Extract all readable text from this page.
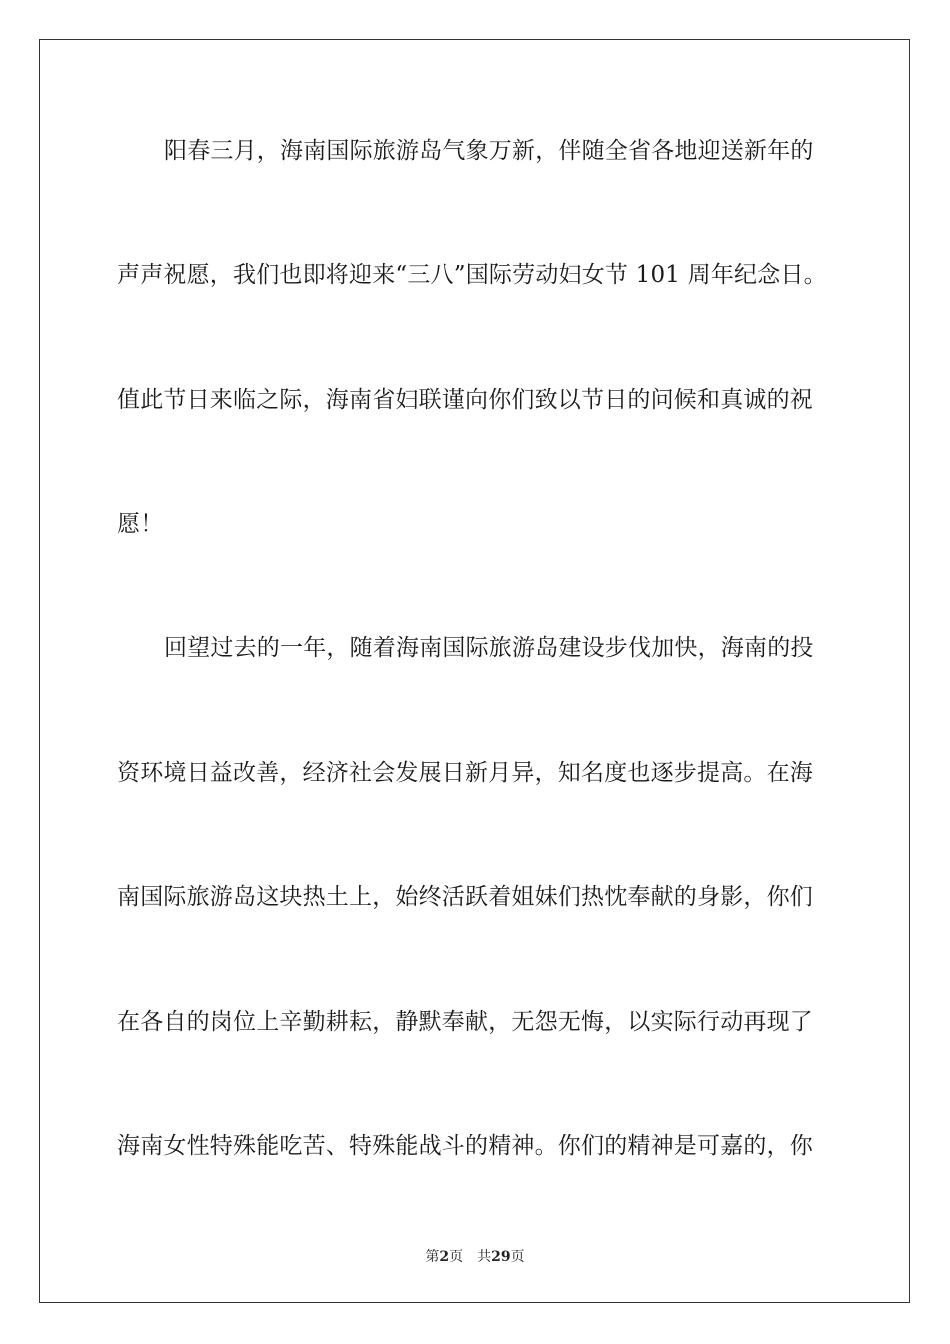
阳春三月，海南国际旅游岛气象万新，伴随全省各地迎送新年的
声声祝愿，我们也即将迎来“三八”国际劳动妇女节 101 周年纪念日。
值此节日来临之际，海南省妇联谨向你们致以节日的问候和真诚的祝
愿！
回望过去的一年，随着海南国际旅游岛建设步伐加快，海南的投
资环境日益改善，经济社会发展日新月异，知名度也逐步提高。在海
南国际旅游岛这块热土上，始终活跃着姐妹们热忱奉献的身影，你们
在各自的岗位上辛勤耕耘，静默奉献，无怨无悔，以实际行动再现了
海南女性特殊能吃苦、特殊能战斗的精神。你们的精神是可嘉的，你
第2页 共29页
